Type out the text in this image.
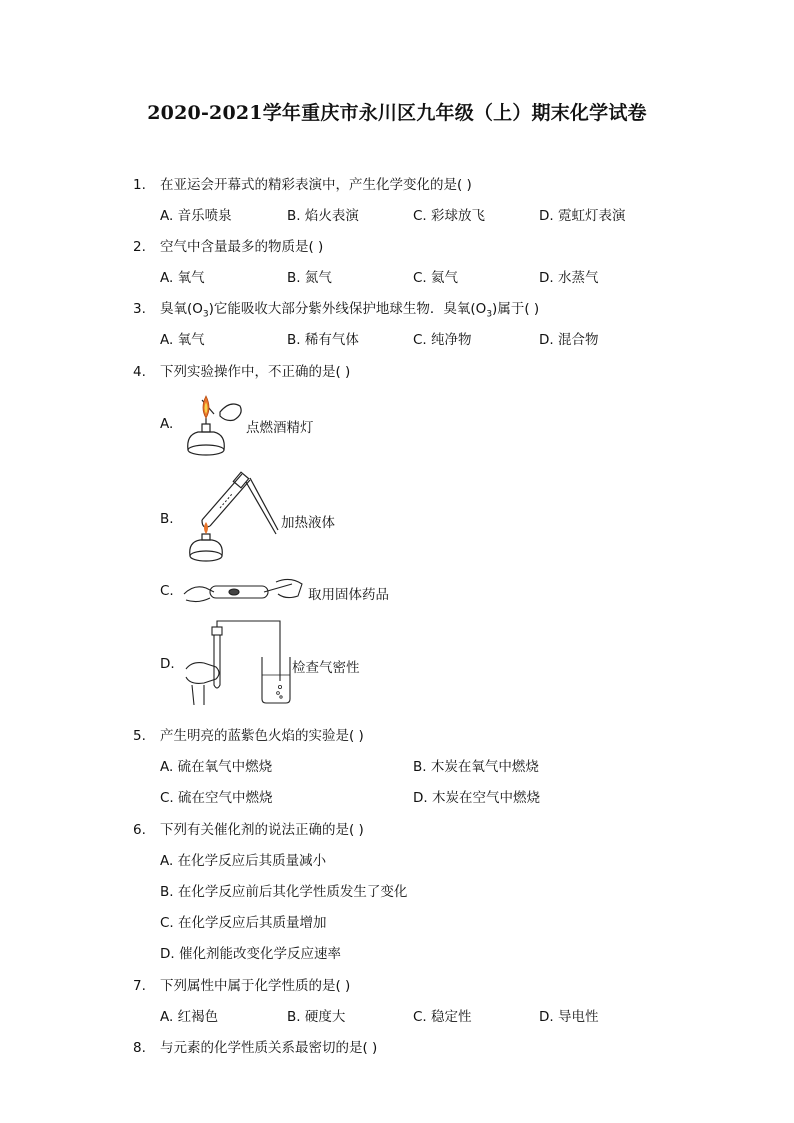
2020-2021学年重庆市永川区九年级（上）期末化学试卷
1. 在亚运会开幕式的精彩表演中，产生化学变化的是( )
A. 音乐喷泉	B. 焰火表演	C. 彩球放飞	D. 霓虹灯表演
2. 空气中含量最多的物质是( )
A. 氧气	B. 氮气	C. 氦气	D. 水蒸气
3. 臭氧$(O_3)$它能吸收大部分紫外线保护地球生物．臭氧$(O_3)$属于( )
A. 氧气	B. 稀有气体	C. 纯净物	D. 混合物
4. 下列实验操作中，不正确的是( )
A.	点燃酒精灯
B.	加热液体
C.	取用固体药品
D.	检查气密性
5. 产生明亮的蓝紫色火焰的实验是( )
A. 硫在氧气中燃烧	B. 木炭在氧气中燃烧
C. 硫在空气中燃烧	D. 木炭在空气中燃烧
6. 下列有关催化剂的说法正确的是( )
A. 在化学反应后其质量减小
B. 在化学反应前后其化学性质发生了变化
C. 在化学反应后其质量增加
D. 催化剂能改变化学反应速率
7. 下列属性中属于化学性质的是( )
A. 红褐色	B. 硬度大	C. 稳定性	D. 导电性
8. 与元素的化学性质关系最密切的是( )
